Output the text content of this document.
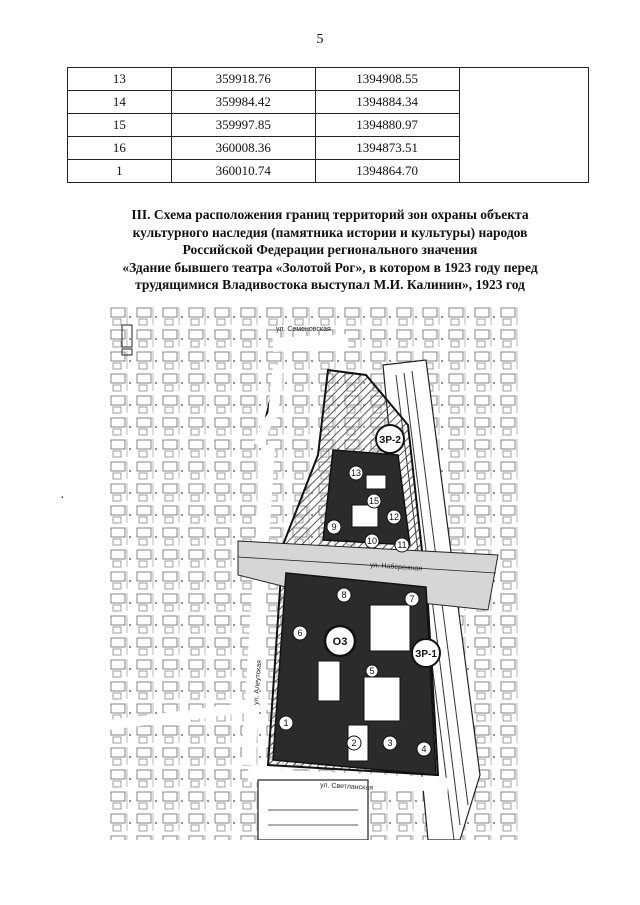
5
13	359918.76	1394908.55	
14	359984.42	1394884.34	
15	359997.85	1394880.97	
16	360008.36	1394873.51	
1	360010.74	1394864.70	
III. Схема расположения границ территорий зон охраны объекта
культурного наследия (памятника истории и культуры) народов
Российской Федерации регионального значения
«Здание бывшего театра «Золотой Рог», в котором в 1923 году перед
трудящимися Владивостока выступал М.И. Калинин», 1923 год
·
1
2	3
4
5
6
7
8
9
10 11
12
13
15
ЗР-2
О3
ЗР-1
ул. Семеновская
ул. Набережная
ул. Светланская
ул. Алеутская
